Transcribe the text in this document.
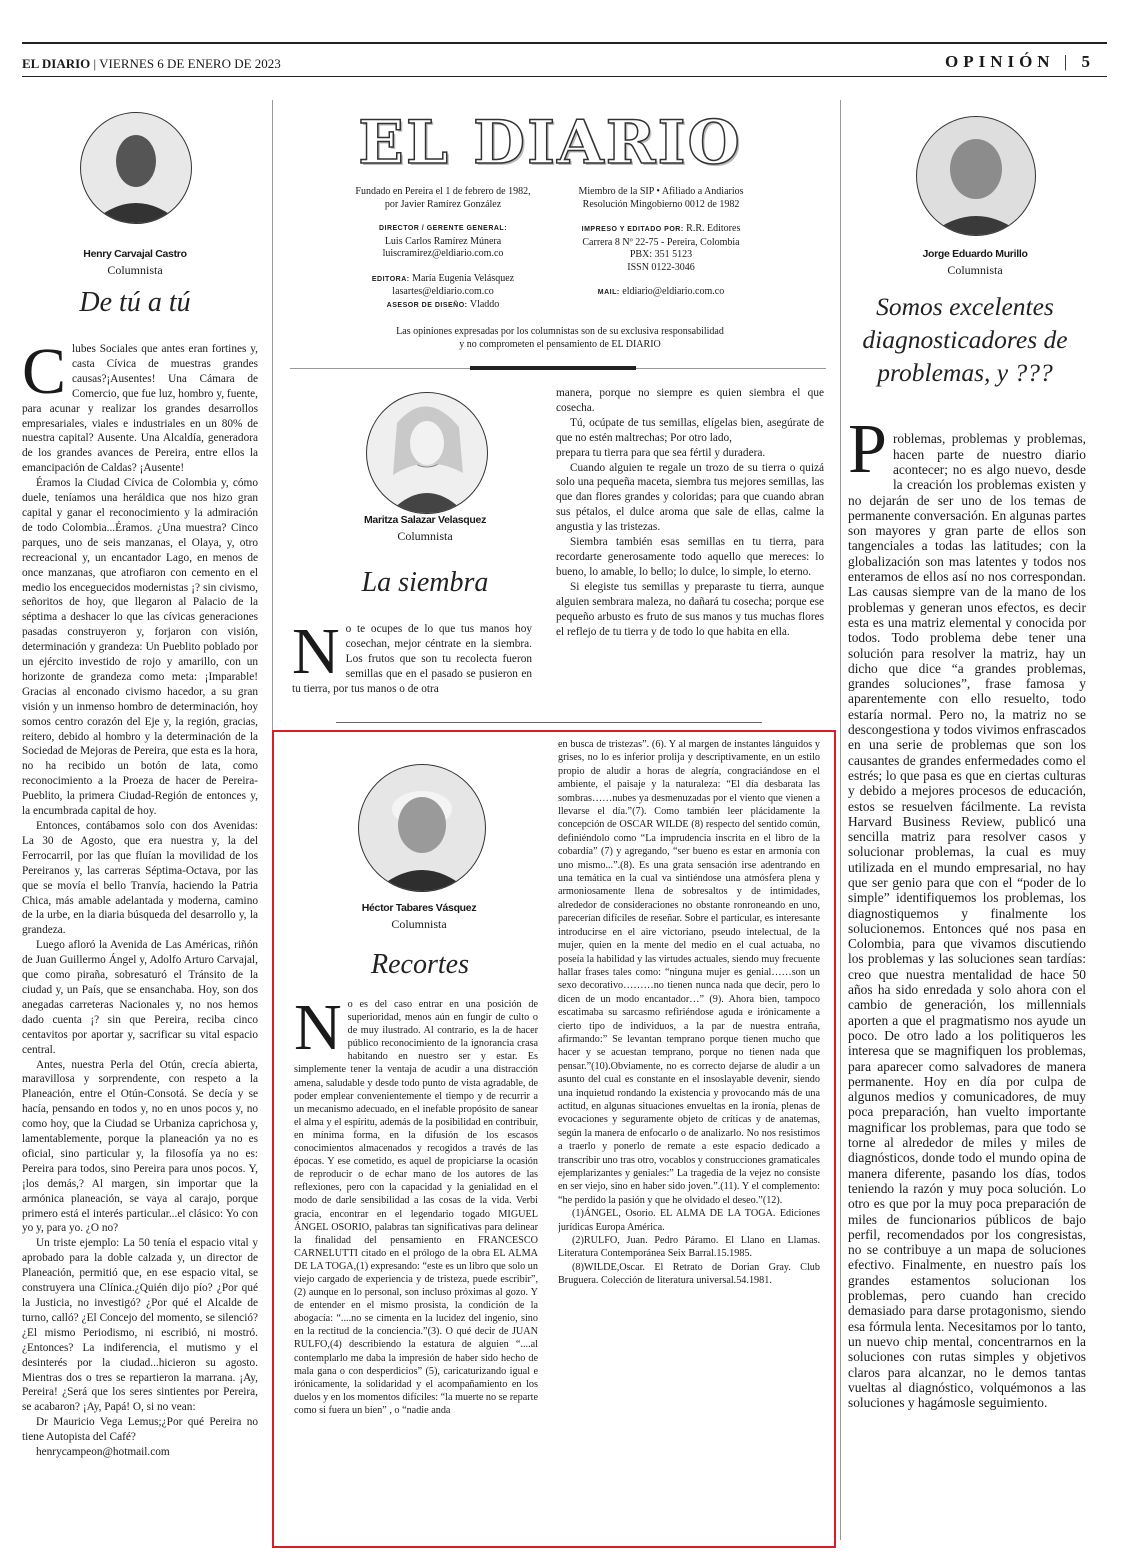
EL DIARIO | VIERNES 6 DE ENERO DE 2023	OPINIÓN | 5
Henry Carvajal Castro
Columnista
De tú a tú
C lubes Sociales que antes eran fortines y, casta Cívica de muestras grandes causas?¡Ausentes! Una Cámara de Comercio, que fue luz, hombro y, fuente, para acunar y realizar los grandes desarrollos empresariales, viales e industriales en un 80% de nuestra capital? Ausente. Una Alcaldía, generadora de los grandes avances de Pereira, entre ellos la emancipación de Caldas? ¡Ausente!

Éramos la Ciudad Cívica de Colombia y, cómo duele, teníamos una heráldica que nos hizo gran capital y ganar el reconocimiento y la admiración de todo Colombia...Éramos. ¿Una muestra? Cinco parques, uno de seis manzanas, el Olaya, y, otro recreacional y, un encantador Lago, en menos de once manzanas, que atrofiaron con cemento en el medio los enceguecidos modernistas ¡? sin civismo, señoritos de hoy, que llegaron al Palacio de la séptima a deshacer lo que las cívicas generaciones pasadas construyeron y, forjaron con visión, determinación y grandeza: Un Pueblito poblado por un ejército investido de rojo y amarillo, con un horizonte de grandeza como meta: ¡Imparable! Gracias al enconado civismo hacedor, a su gran visión y un inmenso hombro de determinación, hoy somos centro corazón del Eje y, la región, gracias, reitero, debido al hombro y la determinación de la Sociedad de Mejoras de Pereira, que esta es la hora, no ha recibido un botón de lata, como reconocimiento a la Proeza de hacer de Pereira-Pueblito, la primera Ciudad-Región de entonces y, la encumbrada capital de hoy.

Entonces, contábamos solo con dos Avenidas: La 30 de Agosto, que era nuestra y, la del Ferrocarril, por las que fluían la movilidad de los Pereiranos y, las carreras Séptima-Octava, por las que se movía el bello Tranvía, haciendo la Patria Chica, más amable adelantada y moderna, camino de la urbe, en la diaria búsqueda del desarrollo y, la grandeza.

Luego afloró la Avenida de Las Américas, riñón de Juan Guillermo Ángel y, Adolfo Arturo Carvajal, que como piraña, sobresaturó el Tránsito de la ciudad y, un País, que se ensanchaba. Hoy, son dos anegadas carreteras Nacionales y, no nos hemos dado cuenta ¡? sin que Pereira, reciba cinco centavitos por aportar y, sacrificar su vital espacio central.

Antes, nuestra Perla del Otún, crecía abierta, maravillosa y sorprendente, con respeto a la Planeación, entre el Otún-Consotá. Se decía y se hacía, pensando en todos y, no en unos pocos y, no como hoy, que la Ciudad se Urbaniza caprichosa y, lamentablemente, porque la planeación ya no es oficial, sino particular y, la filosofía ya no es: Pereira para todos, sino Pereira para unos pocos. Y, ¡los demás,? Al margen, sin importar que la armónica planeación, se vaya al carajo, porque primero está el interés particular...el clásico: Yo con yo y, para yo. ¿O no?

Un triste ejemplo: La 50 tenía el espacio vital y aprobado para la doble calzada y, un director de Planeación, permitió que, en ese espacio vital, se construyera una Clínica.¿Quién dijo pío? ¿Por qué la Justicia, no investigó? ¿Por qué el Alcalde de turno, calló? ¿El Concejo del momento, se silenció? ¿El mismo Periodismo, ni escribió, ni mostró.¿Entonces? La indiferencia, el mutismo y el desinterés por la ciudad...hicieron su agosto. Mientras dos o tres se repartieron la marrana. ¡Ay, Pereira! ¿Será que los seres sintientes por Pereira, se acabaron? ¡Ay, Papá! O, si no vean:

Dr Mauricio Vega Lemus;¿Por qué Pereira no tiene Autopista del Café?

henrycampeon@hotmail.com

EL DIARIO
Fundado en Pereira el 1 de febrero de 1982,
por Javier Ramírez González
DIRECTOR / GERENTE GENERAL:
Luis Carlos Ramírez Múnera
luiscramirez@eldiario.com.co
EDITORA: María Eugenia Velásquez
lasartes@eldiario.com.co
ASESOR DE DISEÑO: Vladdo
Miembro de la SIP • Afiliado a Andiarios
Resolución Mingobierno 0012 de 1982
IMPRESO Y EDITADO POR: R.R. Editores
Carrera 8 Nº 22-75 - Pereira, Colombia
PBX: 351 5123
ISSN 0122-3046
MAIL: eldiario@eldiario.com.co
Las opiniones expresadas por los columnistas son de su exclusiva responsabilidad
y no comprometen el pensamiento de EL DIARIO
Maritza Salazar Velasquez
Columnista
La siembra
N o te ocupes de lo que tus manos hoy cosechan, mejor céntrate en la siembra. Los frutos que son tu recolecta fueron semillas que en el pasado se pusieron en tu tierra, por tus manos o de otra

manera, porque no siempre es quien siembra el que cosecha.

Tú, ocúpate de tus semillas, elígelas bien, asegúrate de que no estén maltrechas; Por otro lado,

prepara tu tierra para que sea fértil y duradera.

Cuando alguien te regale un trozo de su tierra o quizá solo una pequeña maceta, siembra tus mejores semillas, las que dan flores grandes y coloridas; para que cuando abran sus pétalos, el dulce aroma que sale de ellas, calme la angustia y las tristezas.

Siembra también esas semillas en tu tierra, para recordarte generosamente todo aquello que mereces: lo bueno, lo amable, lo bello; lo dulce, lo simple, lo eterno.

Si elegiste tus semillas y preparaste tu tierra, aunque alguien sembrara maleza, no dañará tu cosecha; porque ese pequeño arbusto es fruto de sus manos y tus muchas flores el reflejo de tu tierra y de todo lo que habita en ella.

Héctor Tabares Vásquez
Columnista
Recortes
N o es del caso entrar en una posición de superioridad, menos aún en fungir de culto o de muy ilustrado. Al contrario, es la de hacer público reconocimiento de la ignorancia crasa habitando en nuestro ser y estar. Es simplemente tener la ventaja de acudir a una distracción amena, saludable y desde todo punto de vista agradable, de poder emplear convenientemente el tiempo y de recurrir a un mecanismo adecuado, en el inefable propósito de sanear el alma y el espíritu, además de la posibilidad en contribuir, en mínima forma, en la difusión de los escasos conocimientos almacenados y recogidos a través de las épocas. Y ese cometido, es aquel de propiciarse la ocasión de reproducir o de echar mano de los autores de las reflexiones, pero con la capacidad y la genialidad en el modo de darle sensibilidad a las cosas de la vida. Verbi gracia, encontrar en el legendario togado MIGUEL ÁNGEL OSORIO, palabras tan significativas para delinear la finalidad del pensamiento en FRANCESCO CARNELUTTI citado en el prólogo de la obra EL ALMA DE LA TOGA,(1) expresando: “este es un libro que solo un viejo cargado de experiencia y de tristeza, puede escribir”,(2) aunque en lo personal, son incluso próximas al gozo. Y de entender en el mismo prosista, la condición de la abogacía: “....no se cimenta en la lucidez del ingenio, sino en la rectitud de la conciencia.”(3). O qué decir de JUAN RULFO,(4) describiendo la estatura de alguien “....al contemplarlo me daba la impresión de haber sido hecho de mala gana o con desperdicios” (5), caricaturizando igual e irónicamente, la solidaridad y el acompañamiento en los duelos y en los momentos difíciles: “la muerte no se reparte como si fuera un bien” , o “nadie anda

en busca de tristezas”. (6). Y al margen de instantes lánguidos y grises, no lo es inferior prolija y descriptivamente, en un estilo propio de aludir a horas de alegría, congraciándose en el ambiente, el paisaje y la naturaleza: “El día desbarata las sombras……nubes ya desmenuzadas por el viento que vienen a llevarse el día.”(7). Como también leer plácidamente la concepción de OSCAR WILDE (8) respecto del sentido común, definiéndolo como “La imprudencia inscrita en el libro de la cobardía” (7) y agregando, “ser bueno es estar en armonía con uno mismo...”.(8). Es una grata sensación irse adentrando en una temática en la cual va sintiéndose una atmósfera plena y armoniosamente llena de sobresaltos y de intimidades, alrededor de consideraciones no obstante ronroneando en uno, parecerían difíciles de reseñar. Sobre el particular, es interesante introducirse en el aire victoriano, pseudo intelectual, de la mujer, quien en la mente del medio en el cual actuaba, no poseía la habilidad y las virtudes actuales, siendo muy frecuente hallar frases tales como: “ninguna mujer es genial……son un sexo decorativo………no tienen nunca nada que decir, pero lo dicen de un modo encantador…” (9). Ahora bien, tampoco escatimaba su sarcasmo refiriéndose aguda e irónicamente a cierto tipo de individuos, a la par de nuestra entraña, afirmando:” Se levantan temprano porque tienen mucho que hacer y se acuestan temprano, porque no tienen nada que pensar.”(10).Obviamente, no es correcto dejarse de aludir a un asunto del cual es constante en el insoslayable devenir, siendo una inquietud rondando la existencia y provocando más de una actitud, en algunas situaciones envueltas en la ironía, plenas de evocaciones y seguramente objeto de críticas y de anatemas, según la manera de enfocarlo o de analizarlo. No nos resistimos a traerlo y ponerlo de remate a este espacio dedicado a transcribir uno tras otro, vocablos y construcciones gramaticales ejemplarizantes y geniales:” La tragedia de la vejez no consiste en ser viejo, sino en haber sido joven.”.(11). Y el complemento: “he perdido la pasión y que he olvidado el deseo.”(12).

(1)ÁNGEL, Osorio. EL ALMA DE LA TOGA. Ediciones jurídicas Europa América.

(2)RULFO, Juan. Pedro Páramo. El Llano en Llamas. Literatura Contemporánea Seix Barral.15.1985.

(8)WILDE,Oscar. El Retrato de Dorian Gray. Club Bruguera. Colección de literatura universal.54.1981.

Jorge Eduardo Murillo
Columnista
Somos excelentes diagnosticadores de problemas, y ???
P roblemas, problemas y problemas, hacen parte de nuestro diario acontecer; no es algo nuevo, desde la creación los problemas existen y no dejarán de ser uno de los temas de permanente conversación. En algunas partes son mayores y gran parte de ellos son tangenciales a todas las latitudes; con la globalización son mas latentes y todos nos enteramos de ellos así no nos correspondan. Las causas siempre van de la mano de los problemas y generan unos efectos, es decir esta es una matriz elemental y conocida por todos. Todo problema debe tener una solución para resolver la matriz, hay un dicho que dice “a grandes problemas, grandes soluciones”, frase famosa y aparentemente con ello resuelto, todo estaría normal. Pero no, la matriz no se descongestiona y todos vivimos enfrascados en una serie de problemas que son los causantes de grandes enfermedades como el estrés; lo que pasa es que en ciertas culturas y debido a mejores procesos de educación, estos se resuelven fácilmente. La revista Harvard Business Review, publicó una sencilla matriz para resolver casos y solucionar problemas, la cual es muy utilizada en el mundo empresarial, no hay que ser genio para que con el “poder de lo simple” identifiquemos los problemas, los diagnostiquemos y finalmente los solucionemos. Entonces qué nos pasa en Colombia, para que vivamos discutiendo los problemas y las soluciones sean tardías: creo que nuestra mentalidad de hace 50 años ha sido enredada y solo ahora con el cambio de generación, los millennials aporten a que el pragmatismo nos ayude un poco. De otro lado a los politiqueros les interesa que se magnifiquen los problemas, para aparecer como salvadores de manera permanente. Hoy en día por culpa de algunos medios y comunicadores, de muy poca preparación, han vuelto importante magnificar los problemas, para que todo se torne al alrededor de miles y miles de diagnósticos, donde todo el mundo opina de manera diferente, pasando los días, todos teniendo la razón y muy poca solución. Lo otro es que por la muy poca preparación de miles de funcionarios públicos de bajo perfil, recomendados por los congresistas, no se contribuye a un mapa de soluciones efectivo. Finalmente, en nuestro país los grandes estamentos solucionan los problemas, pero cuando han crecido demasiado para darse protagonismo, siendo esa fórmula lenta. Necesitamos por lo tanto, un nuevo chip mental, concentrarnos en la soluciones con rutas simples y objetivos claros para alcanzar, no le demos tantas vueltas al diagnóstico, volquémonos a las soluciones y hagámosle seguimiento.
